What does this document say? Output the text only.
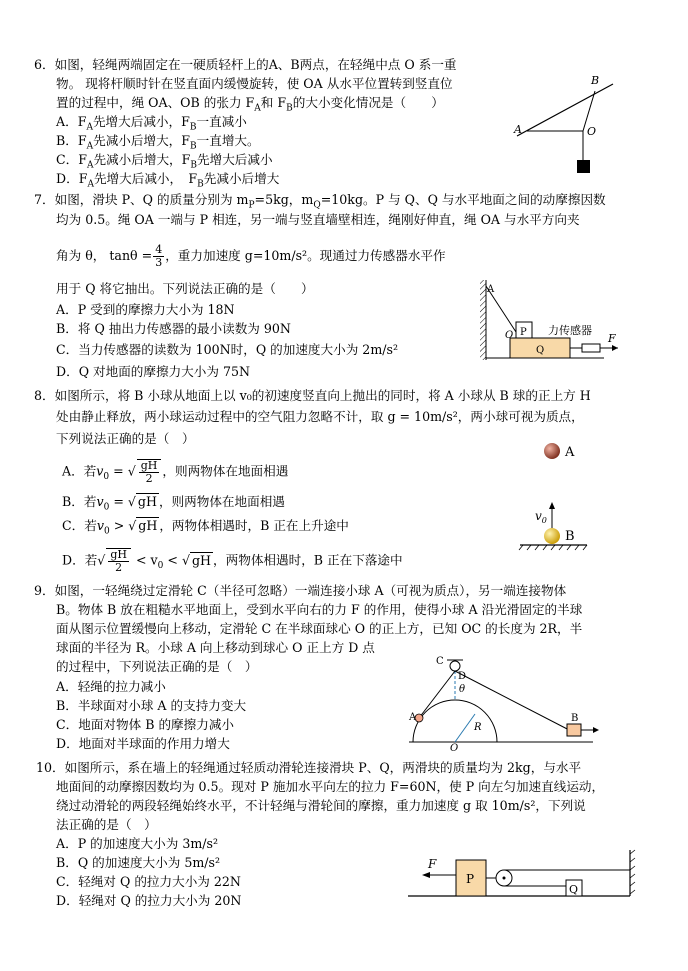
6．如图，轻绳两端固定在一硬质轻杆上的A、B两点，在轻绳中点 O 系一重
物。 现将杆顺时针在竖直面内缓慢旋转，使 OA 从水平位置转到竖直位
置的过程中，绳 OA、OB 的张力 $F_A$和 $F_B$的大小变化情况是（　　）
A．$F_A$先增大后减小，$F_B$一直减小
B．$F_A$先减小后增大，$F_B$一直增大。
C．$F_A$先减小后增大，$F_B$先增大后减小
D．$F_A$先增大后减小，　$F_B$先减小后增大
A
B
O
7．如图，滑块 P、Q 的质量分别为 $m_P=5kg$，$m_Q=10kg$。P 与 Q、Q 与水平地面之间的动摩擦因数
均为 0.5。绳 OA 一端与 P 相连，另一端与竖直墙壁相连，绳刚好伸直，绳 OA 与水平方向夹
角为 θ， $\tan\theta = \frac{4}{3}$ ，重力加速度 g=10m/s²。现通过力传感器水平作
用于 Q 将它抽出。下列说法正确的是（　　）
A．P 受到的摩擦力大小为 18N
B．将 Q 抽出力传感器的最小读数为 90N
C．当力传感器的读数为 100N时，Q 的加速度大小为 2m/s²
D．Q 对地面的摩擦力大小为 75N
A
O P
Q
力传感器
F
8．如图所示，将 B 小球从地面上以 v₀的初速度竖直向上抛出的同时，将 A 小球从 B 球的正上方 H
处由静止释放，两小球运动过程中的空气阻力忽略不计，取 g = 10m/s²，两小球可视为质点，
下列说法正确的是（　）
A．若$v_0$ = √ $\frac{gH}{2}$ ，则两物体在地面相遇
B．若$v_0$ = √ gH ，则两物体在地面相遇
C．若$v_0$ > √ gH ，两物体相遇时，B 正在上升途中
D．若√ $\frac{gH}{2} < v_0$ < √ gH ，两物体相遇时，B 正在下落途中
A
$v_0$
B
9．如图，一轻绳绕过定滑轮 C（半径可忽略）一端连接小球 A（可视为质点），另一端连接物体
B。物体 B 放在粗糙水平地面上，受到水平向右的力 F 的作用，使得小球 A 沿光滑固定的半球
面从图示位置缓慢向上移动，定滑轮 C 在半球面球心 O 的正上方，已知 OC 的长度为 2R，半
球面的半径为 R。小球 A 向上移动到球心 O 正上方 D 点
的过程中，下列说法正确的是（　）
A．轻绳的拉力减小
B．半球面对小球 A 的支持力变大
C．地面对物体 B 的摩擦力减小
D．地面对半球面的作用力增大
C
D
θ
A
R
O
B
10．如图所示，系在墙上的轻绳通过轻质动滑轮连接滑块 P、Q，两滑块的质量均为 2kg，与水平
地面间的动摩擦因数均为 0.5。现对 P 施加水平向左的拉力 F=60N，使 P 向左匀加速直线运动，
绕过动滑轮的两段轻绳始终水平，不计轻绳与滑轮间的摩擦，重力加速度 g 取 10m/s²，下列说
法正确的是（　）
A．P 的加速度大小为 3m/s²
B．Q 的加速度大小为 5m/s²
C．轻绳对 Q 的拉力大小为 22N
D．轻绳对 Q 的拉力大小为 20N
F
P
Q
